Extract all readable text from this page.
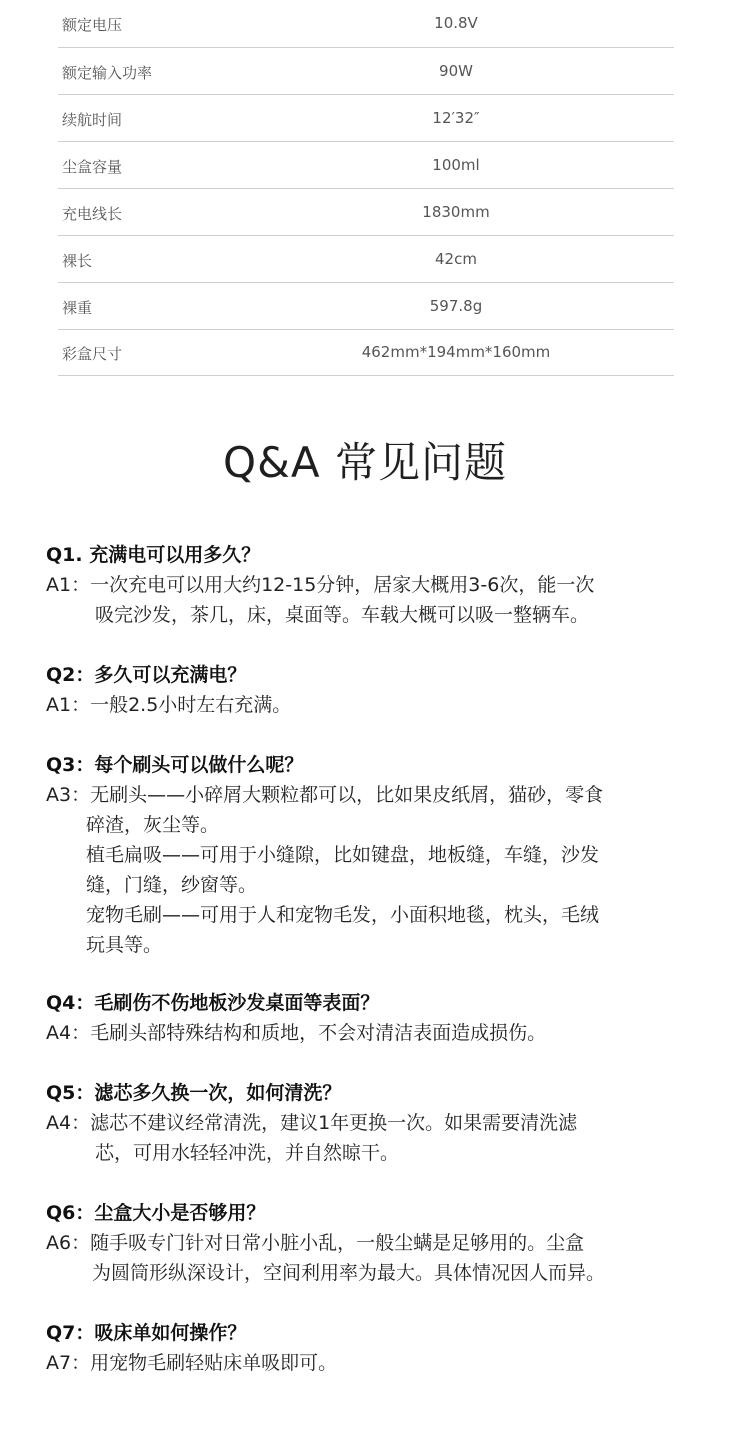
额定电压	10.8V
额定输入功率	90W
续航时间	12′32″
尘盒容量	100ml
充电线长	1830mm
裸长	42cm
裸重	597.8g
彩盒尺寸	462mm*194mm*160mm
Q&A 常见问题
Q1. 充满电可以用多久？
A1：一次充电可以用大约12-15分钟，居家大概用3-6次，能一次
吸完沙发，茶几，床，桌面等。车载大概可以吸一整辆车。
Q2：多久可以充满电？
A1：一般2.5小时左右充满。
Q3：每个刷头可以做什么呢？
A3：无刷头——小碎屑大颗粒都可以，比如果皮纸屑，猫砂，零食
碎渣，灰尘等。
植毛扁吸——可用于小缝隙，比如键盘，地板缝，车缝，沙发
缝，门缝，纱窗等。
宠物毛刷——可用于人和宠物毛发，小面积地毯，枕头，毛绒
玩具等。
Q4：毛刷伤不伤地板沙发桌面等表面？
A4：毛刷头部特殊结构和质地，不会对清洁表面造成损伤。
Q5：滤芯多久换一次，如何清洗？
A4：滤芯不建议经常清洗，建议1年更换一次。如果需要清洗滤
芯，可用水轻轻冲洗，并自然晾干。
Q6：尘盒大小是否够用？
A6：随手吸专门针对日常小脏小乱，一般尘螨是足够用的。尘盒
为圆筒形纵深设计，空间利用率为最大。具体情况因人而异。
Q7：吸床单如何操作？
A7：用宠物毛刷轻贴床单吸即可。
